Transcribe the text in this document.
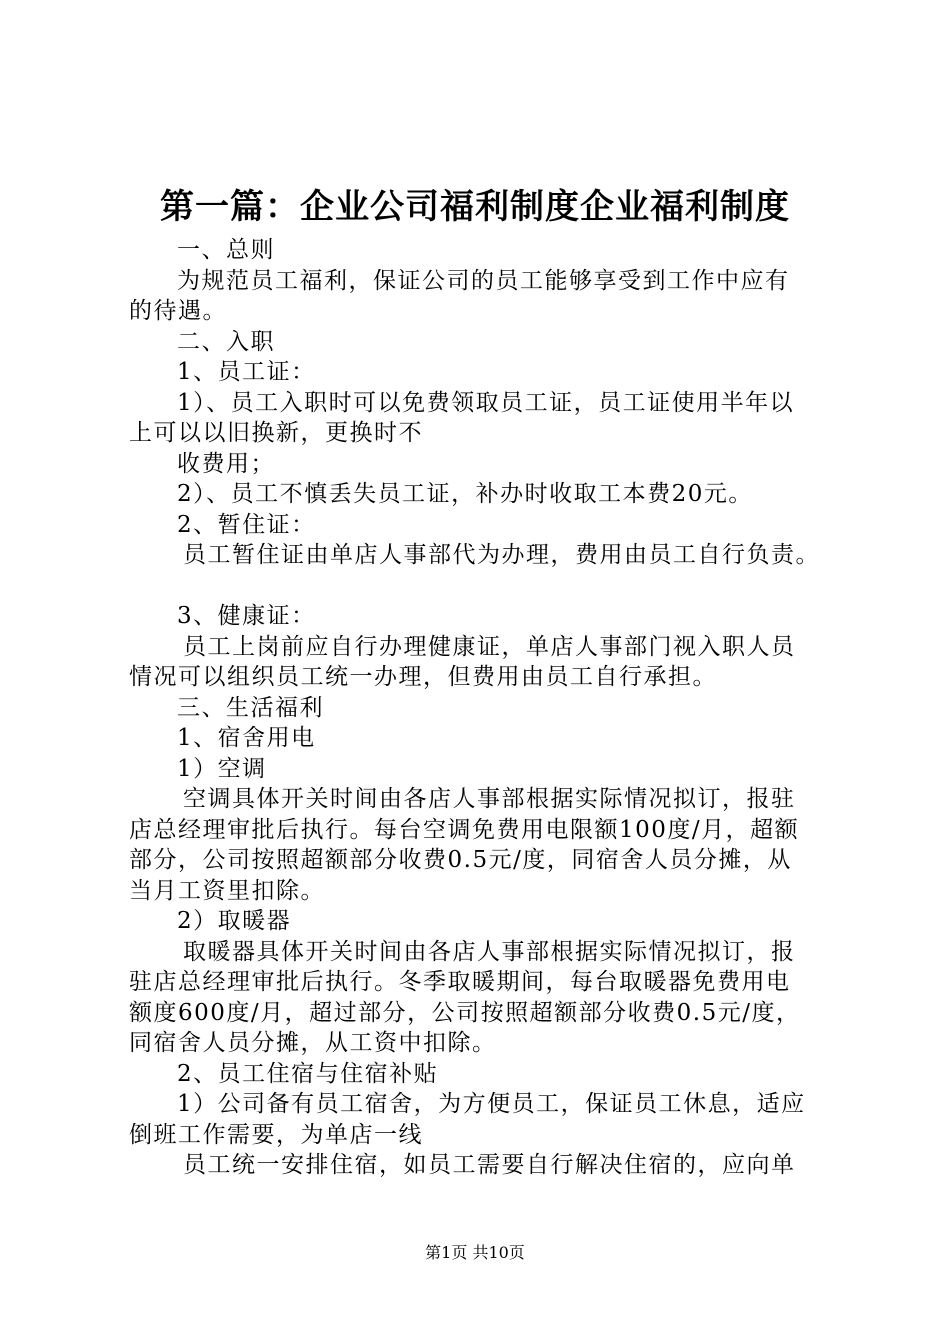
第一篇：企业公司福利制度企业福利制度
一、总则
为规范员工福利，保证公司的员工能够享受到工作中应有
的待遇。
二、入职
1、员工证：
1）、员工入职时可以免费领取员工证，员工证使用半年以
上可以以旧换新，更换时不
收费用；
2）、员工不慎丢失员工证，补办时收取工本费20元。
2、暂住证：
员工暂住证由单店人事部代为办理，费用由员工自行负责。
3、健康证：
员工上岗前应自行办理健康证，单店人事部门视入职人员
情况可以组织员工统一办理，但费用由员工自行承担。
三、生活福利
1、宿舍用电
1）空调
空调具体开关时间由各店人事部根据实际情况拟订，报驻
店总经理审批后执行。每台空调免费用电限额100度/月，超额
部分，公司按照超额部分收费0.5元/度，同宿舍人员分摊，从
当月工资里扣除。
2）取暖器
取暖器具体开关时间由各店人事部根据实际情况拟订，报
驻店总经理审批后执行。冬季取暖期间，每台取暖器免费用电
额度600度/月，超过部分，公司按照超额部分收费0.5元/度，
同宿舍人员分摊，从工资中扣除。
2、员工住宿与住宿补贴
1）公司备有员工宿舍，为方便员工，保证员工休息，适应
倒班工作需要，为单店一线
员工统一安排住宿，如员工需要自行解决住宿的，应向单
第1页 共10页
